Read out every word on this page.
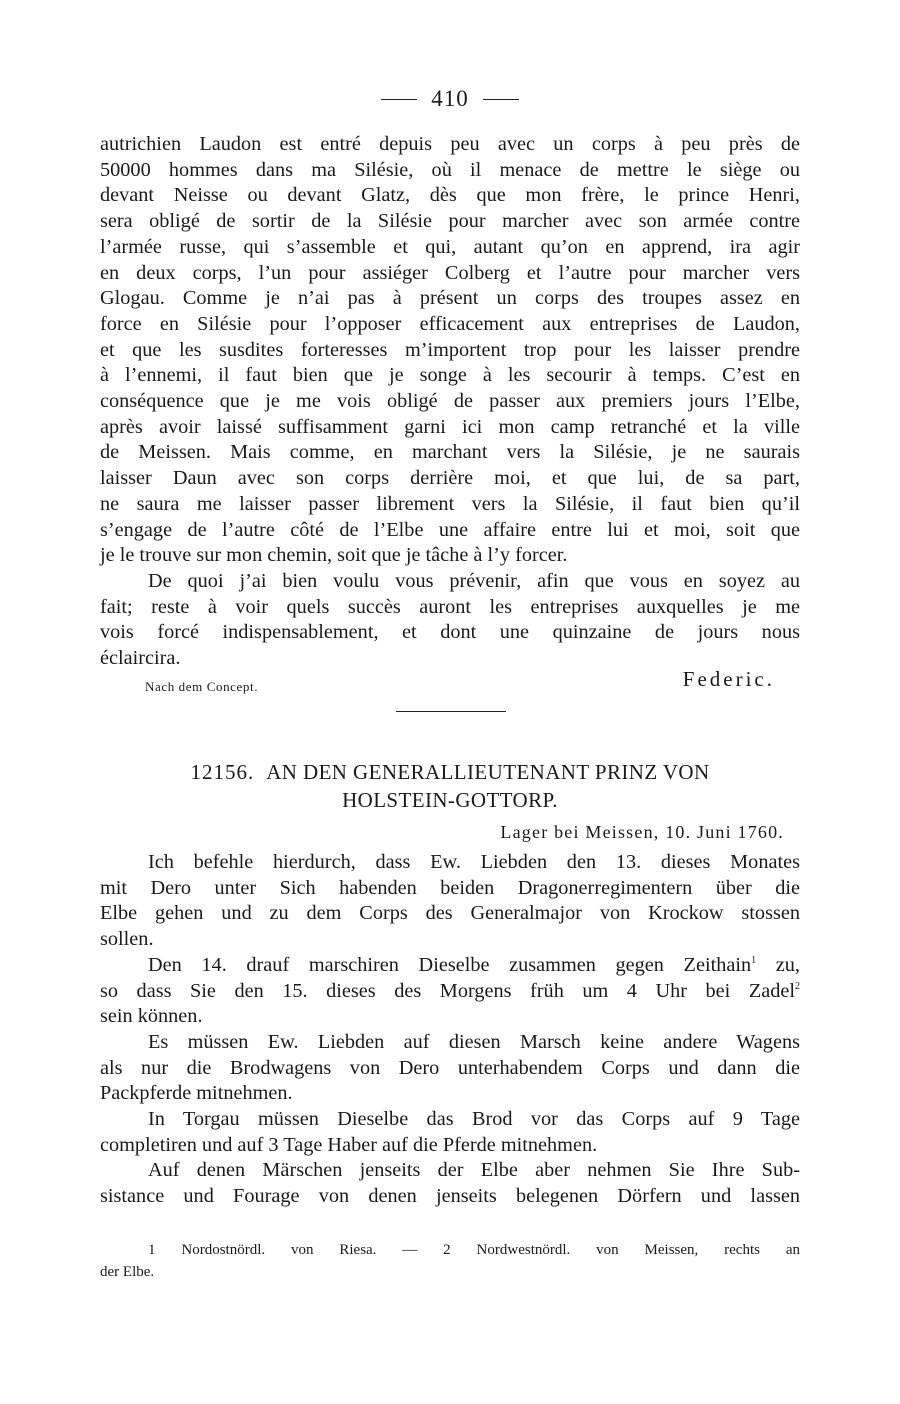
410
autrichien Laudon est entré depuis peu avec un corps à peu près de
50000 hommes dans ma Silésie, où il menace de mettre le siège ou
devant Neisse ou devant Glatz, dès que mon frère, le prince Henri,
sera obligé de sortir de la Silésie pour marcher avec son armée contre
l’armée russe, qui s’assemble et qui, autant qu’on en apprend, ira agir
en deux corps, l’un pour assiéger Colberg et l’autre pour marcher vers
Glogau. Comme je n’ai pas à présent un corps des troupes assez en
force en Silésie pour l’opposer efficacement aux entreprises de Laudon,
et que les susdites forteresses m’importent trop pour les laisser prendre
à l’ennemi, il faut bien que je songe à les secourir à temps. C’est en
conséquence que je me vois obligé de passer aux premiers jours l’Elbe,
après avoir laissé suffisamment garni ici mon camp retranché et la ville
de Meissen. Mais comme, en marchant vers la Silésie, je ne saurais
laisser Daun avec son corps derrière moi, et que lui, de sa part,
ne saura me laisser passer librement vers la Silésie, il faut bien qu’il
s’engage de l’autre côté de l’Elbe une affaire entre lui et moi, soit que
je le trouve sur mon chemin, soit que je tâche à l’y forcer.
De quoi j’ai bien voulu vous prévenir, afin que vous en soyez au
fait; reste à voir quels succès auront les entreprises auxquelles je me
vois forcé indispensablement, et dont une quinzaine de jours nous
éclaircira.
Nach dem Concept.	Federic.
12156. AN DEN GENERALLIEUTENANT PRINZ VON
HOLSTEIN-GOTTORP.
Lager bei Meissen, 10. Juni 1760.
Ich befehle hierdurch, dass Ew. Liebden den 13. dieses Monates
mit Dero unter Sich habenden beiden Dragonerregimentern über die
Elbe gehen und zu dem Corps des Generalmajor von Krockow stossen
sollen.
Den 14. drauf marschiren Dieselbe zusammen gegen Zeithain$^1$ zu,
so dass Sie den 15. dieses des Morgens früh um 4 Uhr bei Zadel$^2$
sein können.
Es müssen Ew. Liebden auf diesen Marsch keine andere Wagens
als nur die Brodwagens von Dero unterhabendem Corps und dann die
Packpferde mitnehmen.
In Torgau müssen Dieselbe das Brod vor das Corps auf 9 Tage
completiren und auf 3 Tage Haber auf die Pferde mitnehmen.
Auf denen Märschen jenseits der Elbe aber nehmen Sie Ihre Sub-
sistance und Fourage von denen jenseits belegenen Dörfern und lassen
1 Nordostnördl. von Riesa. — 2 Nordwestnördl. von Meissen, rechts an
der Elbe.
